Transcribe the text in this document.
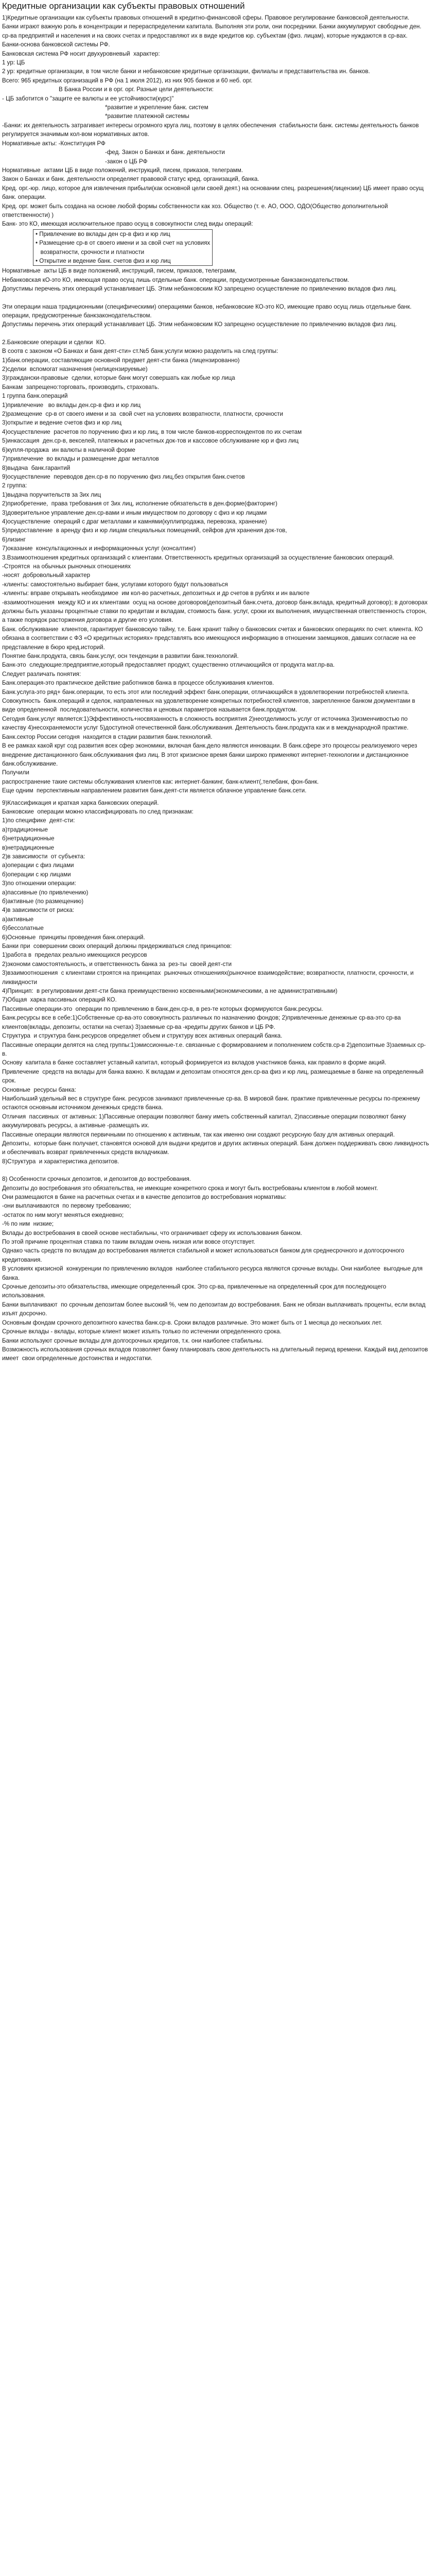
Кредитные организации как субъекты правовых отношений
1)Кредитные организации как субъекты правовых отношений в кредитно-финансовой сферы. Правовое регулирование банковской деятельности.
Банки играют важную роль в концентрации и перераспределении капитала. Выполняя эти роли, они посредники. Банки аккумулируют свободные ден. ср-ва предприятий и населения и на своих счетах и предоставляют их в виде кредитов юр. субъектам (физ. лицам), которые нуждаются в ср-вах.
Банки-основа банковской системы РФ.
Банковская система РФ носит двухуровневый  характер:
1 ур: ЦБ
2 ур: кредитные организации, в том числе банки и небанковские кредитные организации, филиалы и представительства ин. банков.
Всего: 965 кредитных организаций в РФ (на 1 июля 2012), из них 905 банков и 60 неб. орг.
В Банка России и в орг. орг. Разные цели деятельности:
- ЦБ заботится о "защите ее валюты и ее устойчивости(курс)"
*развитие и укрепление банк. систем
*развитие платежной системы
-Банки: их деятельность затрагивает интересы огромного круга лиц, поэтому в целях обеспечения  стабильности банк. системы деятельность банков регулируется значимым кол-вом нормативных актов.
Нормативные акты: -Конституция РФ
-фед. Закон о Банках и банк. деятельности
-закон о ЦБ РФ
Нормативные  актами ЦБ в виде положений, инструкций, писем, приказов, телеграмм.
Закон о Банках и банк. деятельности определяет правовой статус кред. организаций, банка.
Кред. орг.-юр. лицо, которое для извлечения прибыли(как основной цели своей деят.) на основании спец. разрешения(лицензии) ЦБ имеет право осущ банк. операции.
Кред. орг. может быть создана на основе любой формы собственности как хоз. Общество (т. е. АО, ООО, ОДО(Общество дополнительной ответственности) )
Банк- это КО, имеющая исключительное право осущ в совокупности след виды операций:
• Привлечение во вклады ден ср-в физ и юр лиц
• Размещение ср-в от своего имени и за свой счет на условиях
возвратности, срочности и платности
• Открытие и ведение банк. счетов физ и юр лиц
Нормативные  акты ЦБ в виде положений, инструкций, писем, приказов, телеграмм,
Небанковская кО-это КО, имеющая право осущ лишь отдельные банк. операции, предусмотренные банкзаконодательством.
Допустимы перечень этих операций устанавливает ЦБ. Этим небанковским КО запрещено осуществление по привлечению вкладов физ лиц.
Эти операции наша традиционными (специфическими) операциями банков, небанковские КО-это КО, имеющие право осущ лишь отдельные банк. операции, предусмотренные банкзаконодательством.
Допустимы перечень этих операций устанавливает ЦБ. Этим небанковским КО запрещено осуществление по привлечению вкладов физ лиц.
2.Банковские операции и сделки  КО.
В соотв с законом «О Банках и банк деят-сти» ст.№5 банк.услуги можно разделить на след группы:
1)банк.операции, составляющие основной предмет деят-сти банка (лицензированно)
2)сделки  вспомогат назначения (нелицензируемые)
3)граждански-правовые  сделки, которые банк могут совершать как любые юр лица
Банкам  запрещено:торговать, производить, страховать.
1 группа банк.операций
1)привлечение   во вклады ден.ср-в физ и юр лиц
2)размещение  ср-в от своего имени и за  свой счет на условиях возвратности, платности, срочности
3)открытие и ведение счетов физ и юр лиц
4)осуществление  расчетов по поручению физ и юр лиц, в том числе банков-корреспондентов по их счетам
5)инкассация  ден.ср-в, векселей, платежных и расчетных док-тов и кассовое обслуживание юр и физ лиц
6)купля-продажа  ин валюты в наличной форме
7)привлечение  во вклады и размещение драг металлов
8)выдача  банк.гарантий
9)осуществление  переводов ден.ср-в по поручению физ лиц,без открытия банк.счетов
2 группа:
1)выдача поручительств за 3их лиц
2)приобретение,  права требования от 3их лиц, исполнение обязательств в ден.форме(факторинг)
3)доверительное управление ден.ср-вами и иным имуществом по договору с физ и юр лицами
4)осуществление  операций с драг металлами и камнями(куплипродажа, перевозка, хранение)
5)предоставление  в аренду физ и юр лицам специальных помещений, сейфов для хранения док-тов,
6)лизинг
7)оказание  консультационных и информационных услуг (консалтинг)
3.Взаимоотношения кредитных организаций с клиентами. Ответственность кредитных организаций за осуществление банковских операций.
-Строятся  на обычных рыночных отношениях
-носят  добровольный характер
-клиенты: самостоятельно выбирает банк, услугами которого будут пользоваться
-клиенты: вправе открывать необходимое  им кол-во расчетных, депозитных и др счетов в рублях и ин валюте
-взаимоотношения  между КО и их клиентами  осущ на основе договоров(депозитный банк.счета, договор банк.вклада, кредитный договор); в договорах должны быть указаны процентные ставки по кредитам и вкладам, стоимость банк. услуг, сроки их выполнения, имущественная ответственность сторон, а также порядок расторжения договора и другие его условия.
Банк. обслуживание  клиентов, гарантирует банковскую тайну, т.е. Банк хранит тайну о банковских счетах и банковских операциях по счет. клиента. КО обязана в соответствии с ФЗ «О кредитных историях» представлять всю имеющуюся информацию в отношении заемщиков, давших согласие на ее представление в бюро кред.историй.
Понятие банк.продукта, связь банк.услуг, осн тенденции в развитии банк.технологий.
Банк-это  следующие:предприятие,который предоставляет продукт, существенно отличающийся от продукта мат.пр-ва.
Следует различать понятия:
Банк.операция-это практическое действие работников банка в процессе обслуживания клиентов.
Банк.услуга-это ряд+ банк.операции, то есть этот или последний эффект банк.операции, отличающийся в удовлетворении потребностей клиента.
Совокупность  банк.операций и сделок, направленных на удовлетворение конкретных потребностей клиентов, закрепленное банком документами в виде определенной  последовательности, количества и ценовых параметров называется банк.продуктом.
Сегодня банк.услуг является:1)Эффективность+носвязанность в сложность восприятия 2)неотделимость услуг от источника 3)изменчивостью по качеству 4)несохраняемости услуг 5)доступной отечественной банк.обслуживания. Деятельность банк.продукта как и в международной практике.
Банк.сектор России сегодня  находится в стадии развития банк.технологий.
В ее рамках какой круг сод развития всех сфер экономики, включая банк.дело являются инновации. В банк.сфере это процессы реализуемого через внедрение дистанционного банк.обслуживания физ лиц. В этот кризисное время банки широко применяют интернет-технологии и дистанционное банк.обслуживание.
Получили
распространение такие системы обслуживания клиентов как: интернет-банкинг, банк-клиент(,телебанк, фон-банк.
Еще одним  перспективным направлением развития банк.деят-сти является облачное управление банк.сети.
9)Классификация и краткая харка банковских операций.
Банковские  операции можно классифицировать по след признакам:
1)по специфике  деят-сти:
а)традиционные
б)нетрадиционные
в)нетрадиционные
2)в зависимости  от субъекта:
а)операции с физ лицами
б)операции с юр лицами
3)по отношении операции:
а)пассивные (по привлечению)
б)активные (по размещению)
4)в зависимости от риска:
а)активные
б)бессолатные
6)Основные  принципы проведения банк.операций.
Банки при  совершении своих операций должны придерживаться след принципов:
1)работа в  пределах реально имеющихся ресурсов
2)экономи самостоятельность, и ответственность банка за  рез-ты  своей деят-сти
3)взаимоотношения  с клиентами строятся на принципах  рыночных отношениях(рыночное взаимодействие; возвратности, платности, срочности, и ликвидности
4)Принцип:  в регулировании деят-сти банка преимущественно косвенными(экономическими, а не административными)
7)Общая  харка пассивных операций КО.
Пассивные операции-это  операции по привлечению в банк.ден.ср-в, в рез-те которых формируются банк.ресурсы.
Банк.ресурсы все в себе:1)Собственные ср-ва-это совокупность различных по назначению фондов; 2)привлеченные денежные ср-ва-это ср-ва клиентов(вклады, депозиты, остатки на счетах) 3)заемные ср-ва -кредиты других банков и ЦБ РФ.
Структура  и структура банк.ресурсов определяет объем и структуру всех активных операций банка.
Пассивные операции делятся на след группы:1)эмиссионные-т.е. связанные с формированием и пополнением собств.ср-в 2)депозитные 3)заемных ср-в.
Основу  капитала в банке составляет уставный капитал, который формируется из вкладов участников банка, как правило в форме акций.
Привлечение  средств на вклады для банка важно. К вкладам и депозитам относятся ден.ср-ва физ и юр лиц, размещаемые в банке на определенный срок.
Основные  ресурсы банка:
Наибольший удельный вес в структуре банк. ресурсов занимают привлеченные ср-ва. В мировой банк. практике привлеченные ресурсы по-прежнему остаются основным источником денежных средств банка.
Отличия  пассивных  от активных: 1)Пассивные операции позволяют банку иметь собственный капитал, 2)пассивные операции позволяют банку аккумулировать ресурсы, а активные -размещать их.
Пассивные операции являются первичными по отношению к активным, так как именно они создают ресурсную базу для активных операций.
Депозиты,  которые банк получает, становятся основой для выдачи кредитов и других активных операций. Банк должен поддерживать свою ликвидность и обеспечивать возврат привлеченных средств вкладчикам.
8)Структура  и характеристика депозитов.
8) Особенности срочных депозитов, и депозитов до востребования.
Депозиты до востребования это обязательства, не имеющие конкретного срока и могут быть востребованы клиентом в любой момент.
Они размещаются в банке на расчетных счетах и в качестве депозитов до востребования нормативы:
-они выплачиваются  по первому требованию;
-остаток по ним могут меняться ежедневно;
-% по ним  низкие;
Вклады до востребования в своей основе нестабильны, что ограничивает сферу их использования банком.
По этой причине процентная ставка по таким вкладам очень низкая или вовсе отсутствует.
Однако часть средств по вкладам до востребования является стабильной и может использоваться банком для среднесрочного и долгосрочного кредитования.
В условиях кризисной  конкуренции по привлечению вкладов  наиболее стабильного ресурса являются срочные вклады. Они наиболее  выгодные для банка.
Срочные депозиты-это обязательства, имеющие определенный срок. Это ср-ва, привлеченные на определенный срок для последующего использования.
Банки выплачивают  по срочным депозитам более высокий %, чем по депозитам до востребования. Банк не обязан выплачивать проценты, если вклад изъят досрочно.
Основным фондам срочного депозитного качества банк.ср-в. Сроки вкладов различные. Это может быть от 1 месяца до нескольких лет.
Срочные вклады - вклады, которые клиент может изъять только по истечении определенного срока.
Банки используют срочные вклады для долгосрочных кредитов, т.к. они наиболее стабильны.
Возможность использования срочных вкладов позволяет банку планировать свою деятельность на длительный период времени. Каждый вид депозитов имеет  свои определенные достоинства и недостатки.
